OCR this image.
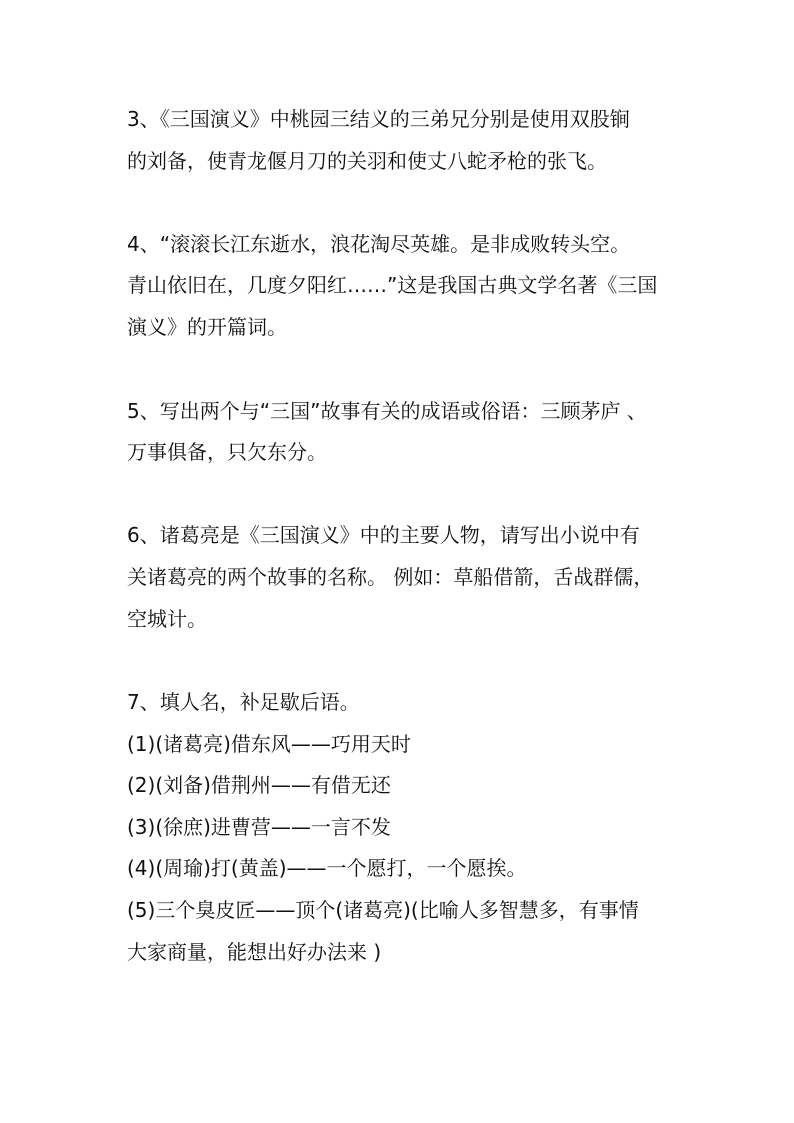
3、《三国演义》中桃园三结义的三弟兄分别是使用双股锏
的刘备，使青龙偃月刀的关羽和使丈八蛇矛枪的张飞。
4、“滚滚长江东逝水，浪花淘尽英雄。是非成败转头空。
青山依旧在，几度夕阳红……”这是我国古典文学名著《三国
演义》的开篇词。
5、写出两个与“三国”故事有关的成语或俗语：三顾茅庐 、
万事俱备，只欠东分。
6、诸葛亮是《三国演义》中的主要人物，请写出小说中有
关诸葛亮的两个故事的名称。 例如：草船借箭，舌战群儒，
空城计。
7、填人名，补足歇后语。
(1)(诸葛亮)借东风——巧用天时
(2)(刘备)借荆州——有借无还
(3)(徐庶)进曹营——一言不发
(4)(周瑜)打(黄盖)——一个愿打，一个愿挨。
(5)三个臭皮匠——顶个(诸葛亮)(比喻人多智慧多，有事情
大家商量，能想出好办法来 )
